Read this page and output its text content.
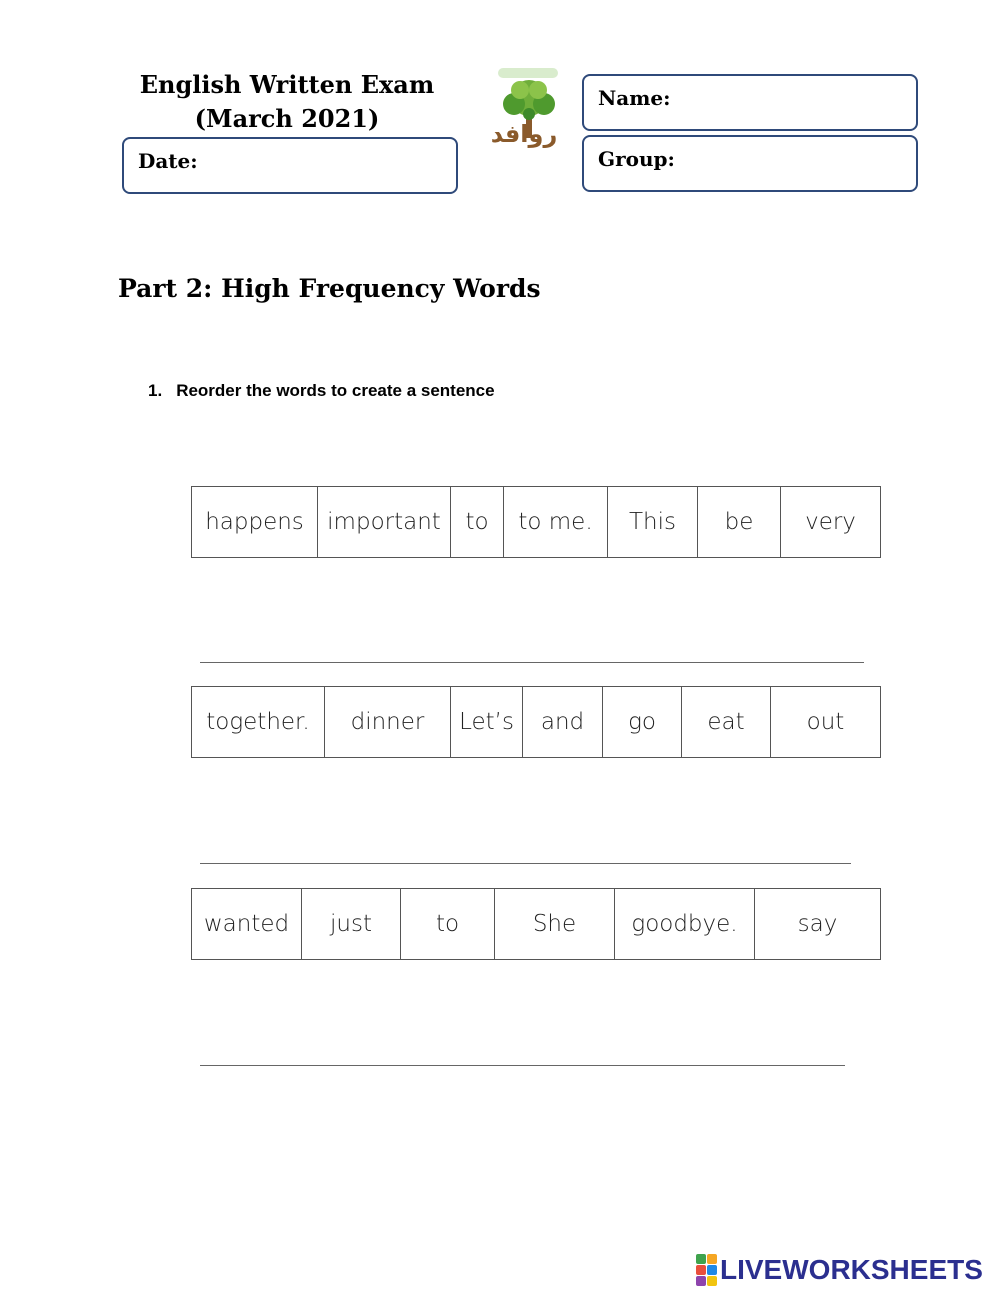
English Written Exam
(March 2021)
Date:
روافد
Name:
Group:
Part 2: High Frequency Words
1. Reorder the words to create a sentence
happens	important	to	to me.	This	be	very
together.	dinner	Let’s	and	go	eat	out
wanted	just	to	She	goodbye.	say
LIVEWORKSHEETS
